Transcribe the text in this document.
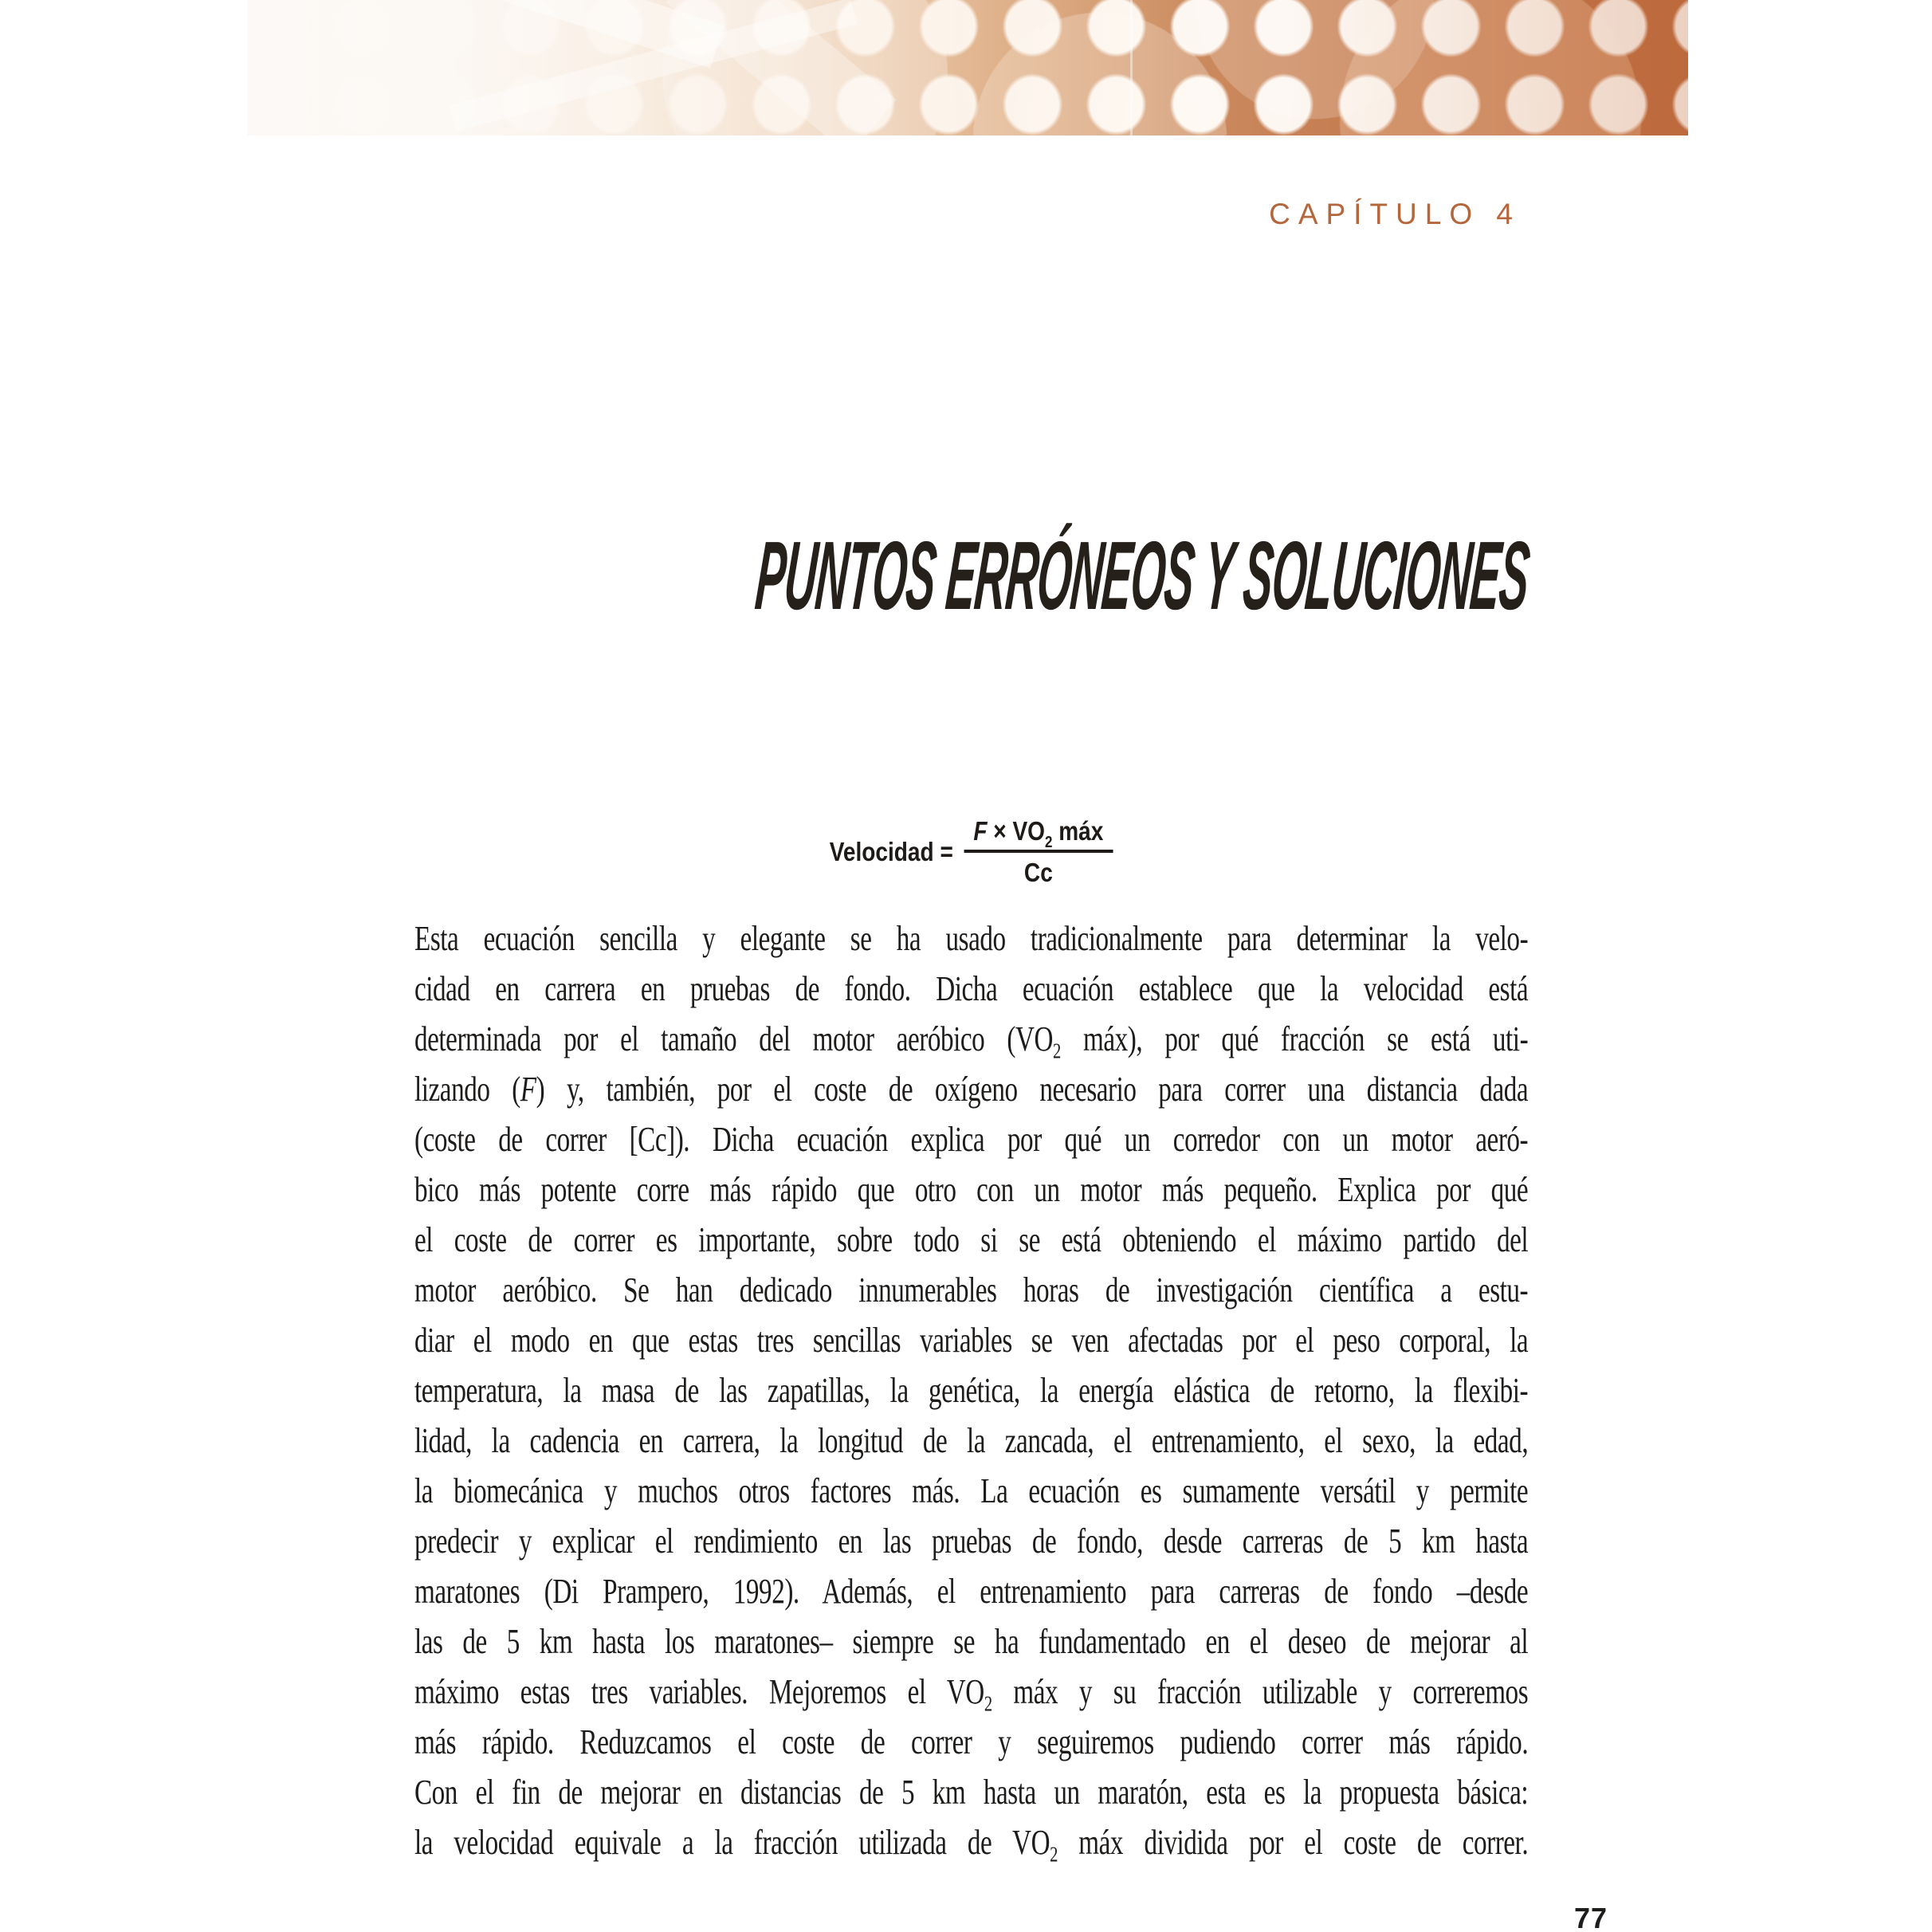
CAPÍTULO 4
PUNTOS ERRÓNEOS Y SOLUCIONES
Velocidad = $\frac{F \times VO_2 máx}{Cc}$
Esta ecuación sencilla y elegante se ha usado tradicionalmente para determinar la velo-
cidad en carrera en pruebas de fondo. Dicha ecuación establece que la velocidad está
determinada por el tamaño del motor aeróbico ($VO_2$ máx), por qué fracción se está uti-
lizando (F) y, también, por el coste de oxígeno necesario para correr una distancia dada
(coste de correr [Cc]). Dicha ecuación explica por qué un corredor con un motor aeró-
bico más potente corre más rápido que otro con un motor más pequeño. Explica por qué
el coste de correr es importante, sobre todo si se está obteniendo el máximo partido del
motor aeróbico. Se han dedicado innumerables horas de investigación científica a estu-
diar el modo en que estas tres sencillas variables se ven afectadas por el peso corporal, la
temperatura, la masa de las zapatillas, la genética, la energía elástica de retorno, la flexibi-
lidad, la cadencia en carrera, la longitud de la zancada, el entrenamiento, el sexo, la edad,
la biomecánica y muchos otros factores más. La ecuación es sumamente versátil y permite
predecir y explicar el rendimiento en las pruebas de fondo, desde carreras de 5 km hasta
maratones (Di Prampero, 1992). Además, el entrenamiento para carreras de fondo –desde
las de 5 km hasta los maratones– siempre se ha fundamentado en el deseo de mejorar al
máximo estas tres variables. Mejoremos el $VO_2$ máx y su fracción utilizable y correremos
más rápido. Reduzcamos el coste de correr y seguiremos pudiendo correr más rápido.
Con el fin de mejorar en distancias de 5 km hasta un maratón, esta es la propuesta básica:
la velocidad equivale a la fracción utilizada de $VO_2$ máx dividida por el coste de correr.
77
